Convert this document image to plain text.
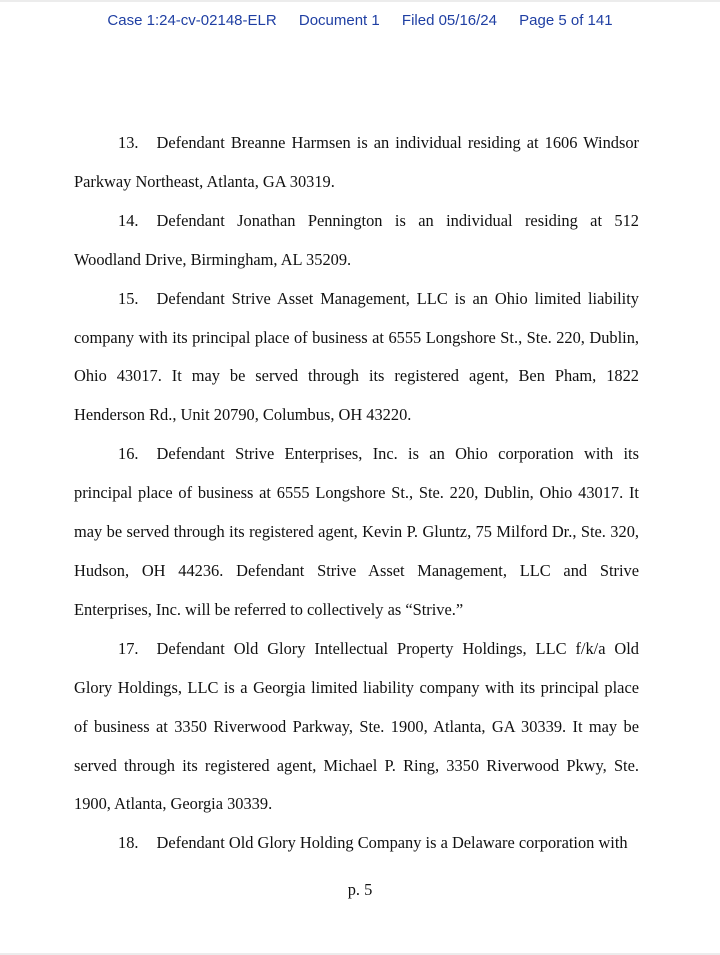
Case 1:24-cv-02148-ELR Document 1 Filed 05/16/24 Page 5 of 141

13. Defendant Breanne Harmsen is an individual residing at 1606 Windsor Parkway Northeast, Atlanta, GA 30319.

14. Defendant Jonathan Pennington is an individual residing at 512 Woodland Drive, Birmingham, AL 35209.

15. Defendant Strive Asset Management, LLC is an Ohio limited liability company with its principal place of business at 6555 Longshore St., Ste. 220, Dublin, Ohio 43017. It may be served through its registered agent, Ben Pham, 1822 Henderson Rd., Unit 20790, Columbus, OH 43220.

16. Defendant Strive Enterprises, Inc. is an Ohio corporation with its principal place of business at 6555 Longshore St., Ste. 220, Dublin, Ohio 43017. It may be served through its registered agent, Kevin P. Gluntz, 75 Milford Dr., Ste. 320, Hudson, OH 44236. Defendant Strive Asset Management, LLC and Strive Enterprises, Inc. will be referred to collectively as “Strive.”

17. Defendant Old Glory Intellectual Property Holdings, LLC f/k/a Old Glory Holdings, LLC is a Georgia limited liability company with its principal place of business at 3350 Riverwood Parkway, Ste. 1900, Atlanta, GA 30339. It may be served through its registered agent, Michael P. Ring, 3350 Riverwood Pkwy, Ste. 1900, Atlanta, Georgia 30339.

18. Defendant Old Glory Holding Company is a Delaware corporation with

p. 5
